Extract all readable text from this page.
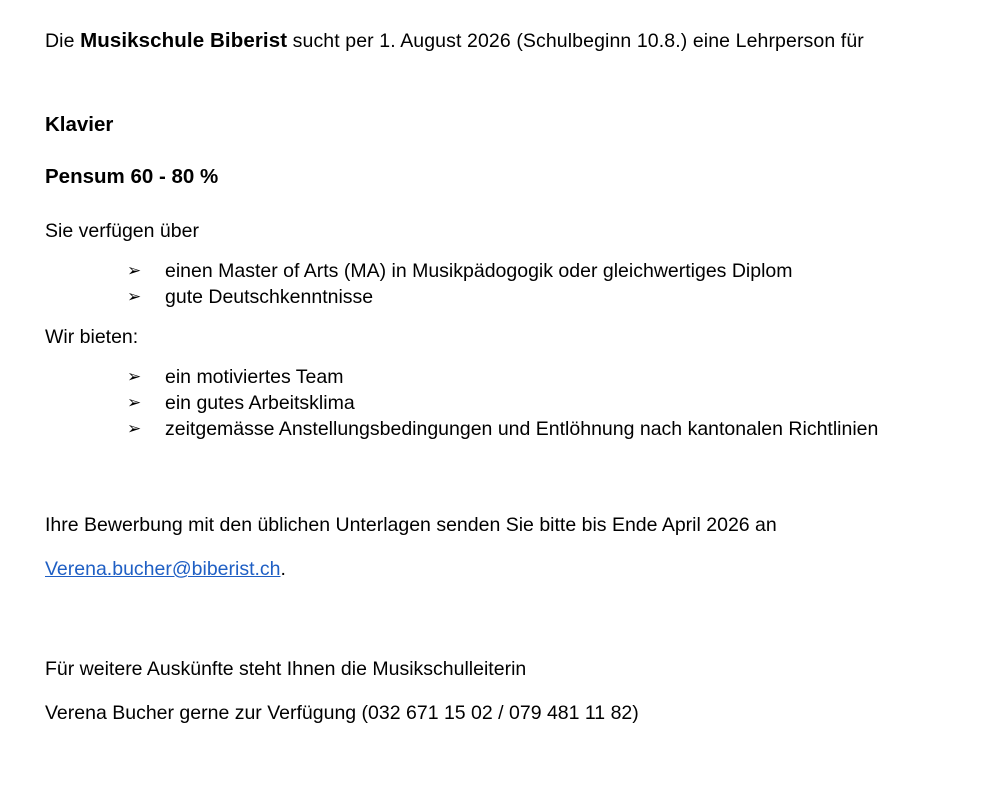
Die Musikschule Biberist sucht per 1. August 2026 (Schulbeginn 10.8.) eine Lehrperson für
Klavier
Pensum 60 - 80 %
Sie verfügen über
➢ einen Master of Arts (MA) in Musikpädogogik oder gleichwertiges Diplom
➢ gute Deutschkenntnisse
Wir bieten:
➢ ein motiviertes Team
➢ ein gutes Arbeitsklima
➢ zeitgemässe Anstellungsbedingungen und Entlöhnung nach kantonalen Richtlinien
Ihre Bewerbung mit den üblichen Unterlagen senden Sie bitte bis Ende April 2026 an
Verena.bucher@biberist.ch.
Für weitere Auskünfte steht Ihnen die Musikschulleiterin
Verena Bucher gerne zur Verfügung (032 671 15 02 / 079 481 11 82)
